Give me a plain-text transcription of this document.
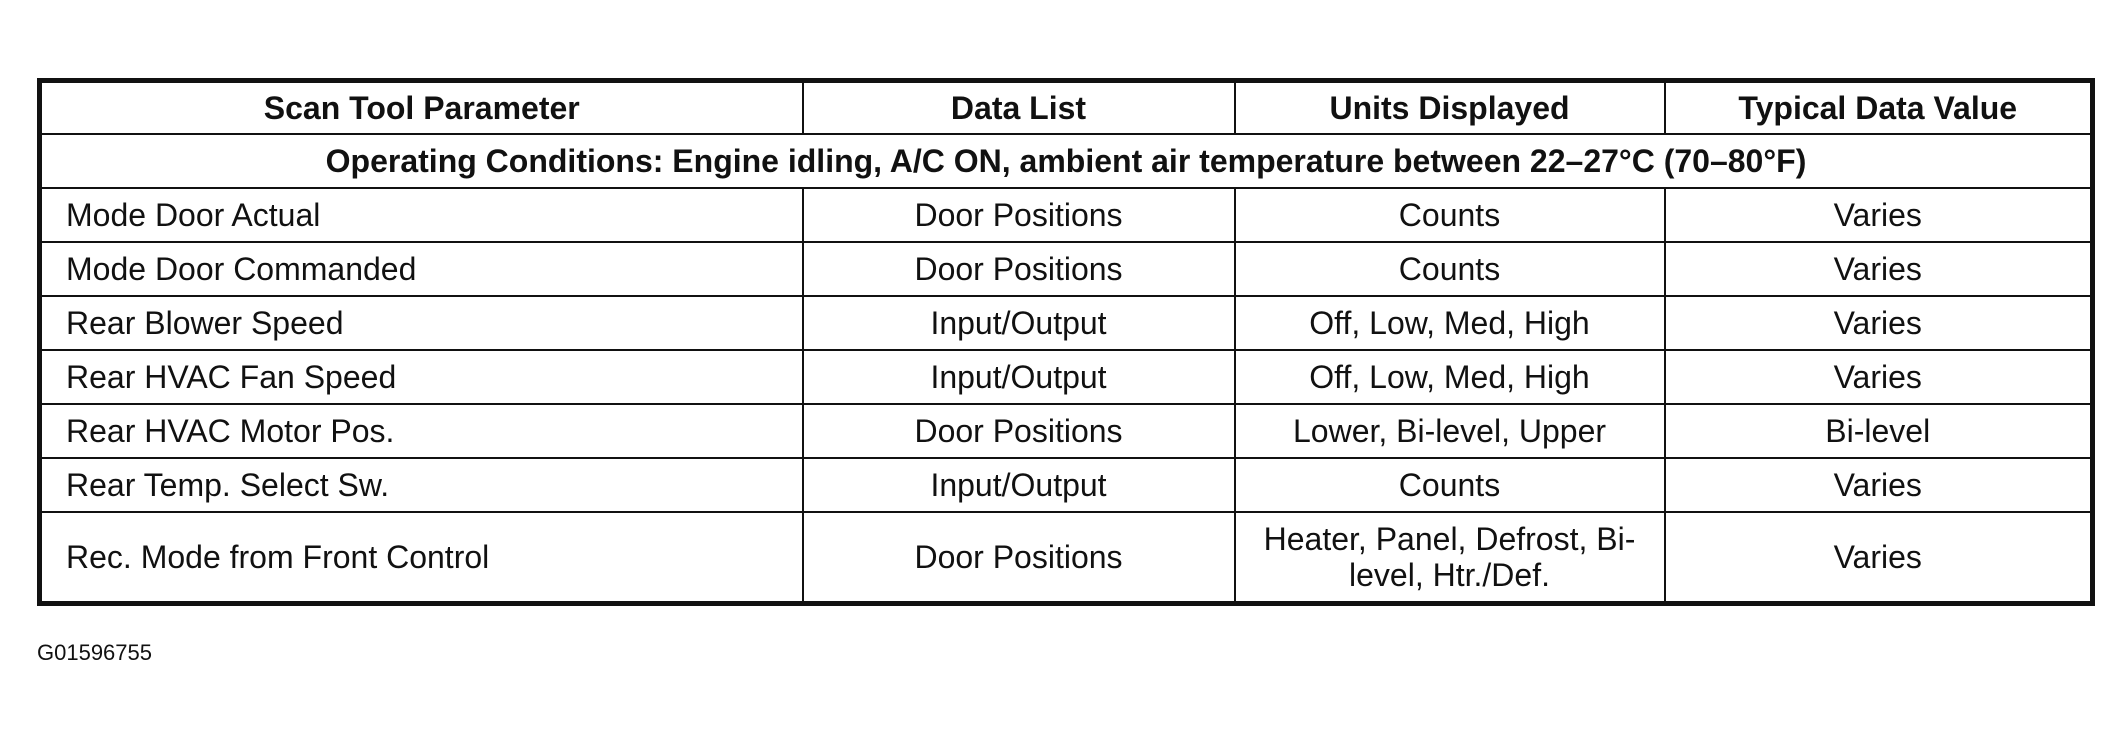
Scan Tool Parameter	Data List	Units Displayed	Typical Data Value
Operating Conditions: Engine idling, A/C ON, ambient air temperature between 22–27°C (70–80°F)			
Mode Door Actual	Door Positions	Counts	Varies
Mode Door Commanded	Door Positions	Counts	Varies
Rear Blower Speed	Input/Output	Off, Low, Med, High	Varies
Rear HVAC Fan Speed	Input/Output	Off, Low, Med, High	Varies
Rear HVAC Motor Pos.	Door Positions	Lower, Bi-level, Upper	Bi-level
Rear Temp. Select Sw.	Input/Output	Counts	Varies
Rec. Mode from Front Control	Door Positions	Heater, Panel, Defrost, Bi-level, Htr./Def.	Varies
G01596755
